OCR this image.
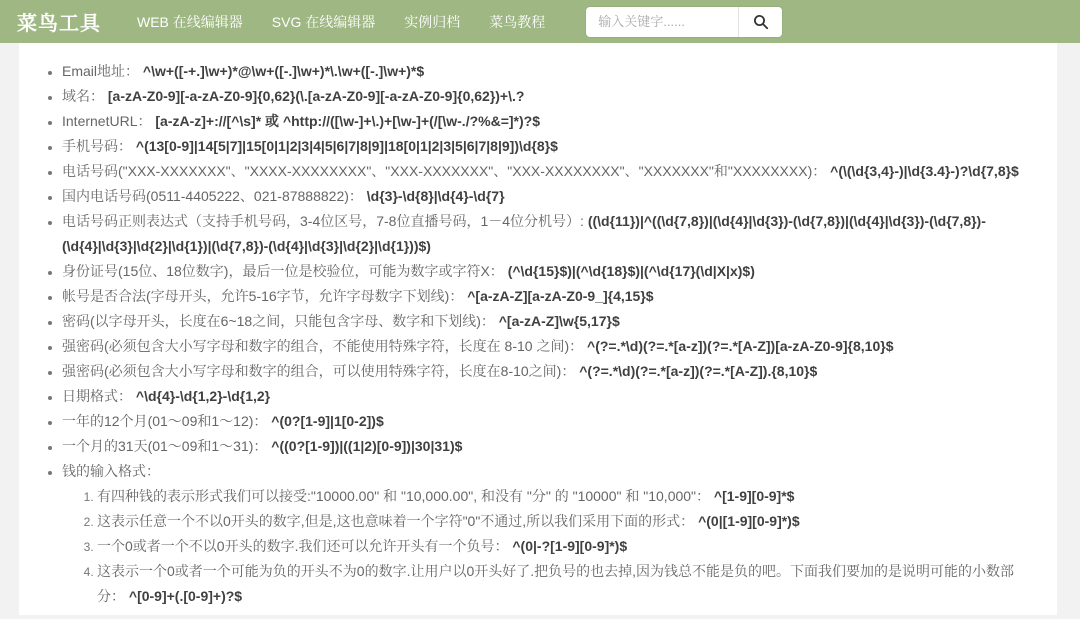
菜鸟工具	WEB 在线编辑器 SVG 在线编辑器 实例归档 菜鸟教程
输入关键字......
• Email地址： ^\w+([-+.]\w+)*@\w+([-.]\w+)*\.\w+([-.]\w+)*$
• 域名： [a-zA-Z0-9][-a-zA-Z0-9]{0,62}(\.[a-zA-Z0-9][-a-zA-Z0-9]{0,62})+\.?
• InternetURL： [a-zA-z]+://[^\s]* 或 ^http://([\w-]+\.)+[\w-]+(/[\w-./?%&=]*)?$
• 手机号码： ^(13[0-9]|14[5|7]|15[0|1|2|3|4|5|6|7|8|9]|18[0|1|2|3|5|6|7|8|9])\d{8}$
• 电话号码("XXX-XXXXXXX"、"XXXX-XXXXXXXX"、"XXX-XXXXXXX"、"XXX-XXXXXXXX"、"XXXXXXX"和"XXXXXXXX)： ^(\(\d{3,4}-)|\d{3.4}-)?\d{7,8}$
• 国内电话号码(0511-4405222、021-87888822)： \d{3}-\d{8}|\d{4}-\d{7}
• 电话号码正则表达式（支持手机号码，3-4位区号，7-8位直播号码，1－4位分机号）: ((\d{11})|^((\d{7,8})|(\d{4}|\d{3})-(\d{7,8})|(\d{4}|\d{3})-(\d{7,8})-(\d{4}|\d{3}|\d{2}|\d{1})|(\d{7,8})-(\d{4}|\d{3}|\d{2}|\d{1}))$)
• 身份证号(15位、18位数字)，最后一位是校验位，可能为数字或字符X： (^\d{15}$)|(^\d{18}$)|(^\d{17}(\d|X|x)$)
• 帐号是否合法(字母开头，允许5-16字节，允许字母数字下划线)： ^[a-zA-Z][a-zA-Z0-9_]{4,15}$
• 密码(以字母开头，长度在6~18之间，只能包含字母、数字和下划线)： ^[a-zA-Z]\w{5,17}$
• 强密码(必须包含大小写字母和数字的组合，不能使用特殊字符，长度在 8-10 之间)： ^(?=.*\d)(?=.*[a-z])(?=.*[A-Z])[a-zA-Z0-9]{8,10}$
• 强密码(必须包含大小写字母和数字的组合，可以使用特殊字符，长度在8-10之间)： ^(?=.*\d)(?=.*[a-z])(?=.*[A-Z]).{8,10}$
• 日期格式： ^\d{4}-\d{1,2}-\d{1,2}
• 一年的12个月(01～09和1～12)： ^(0?[1-9]|1[0-2])$
• 一个月的31天(01～09和1～31)： ^((0?[1-9])|((1|2)[0-9])|30|31)$
• 钱的输入格式：
1. 有四种钱的表示形式我们可以接受:"10000.00" 和 "10,000.00", 和没有 "分" 的 "10000" 和 "10,000"： ^[1-9][0-9]*$
2. 这表示任意一个不以0开头的数字,但是,这也意味着一个字符"0"不通过,所以我们采用下面的形式： ^(0|[1-9][0-9]*)$
3. 一个0或者一个不以0开头的数字.我们还可以允许开头有一个负号： ^(0|-?[1-9][0-9]*)$
4. 这表示一个0或者一个可能为负的开头不为0的数字.让用户以0开头好了.把负号的也去掉,因为钱总不能是负的吧。下面我们要加的是说明可能的小数部分： ^[0-9]+(.[0-9]+)?$
